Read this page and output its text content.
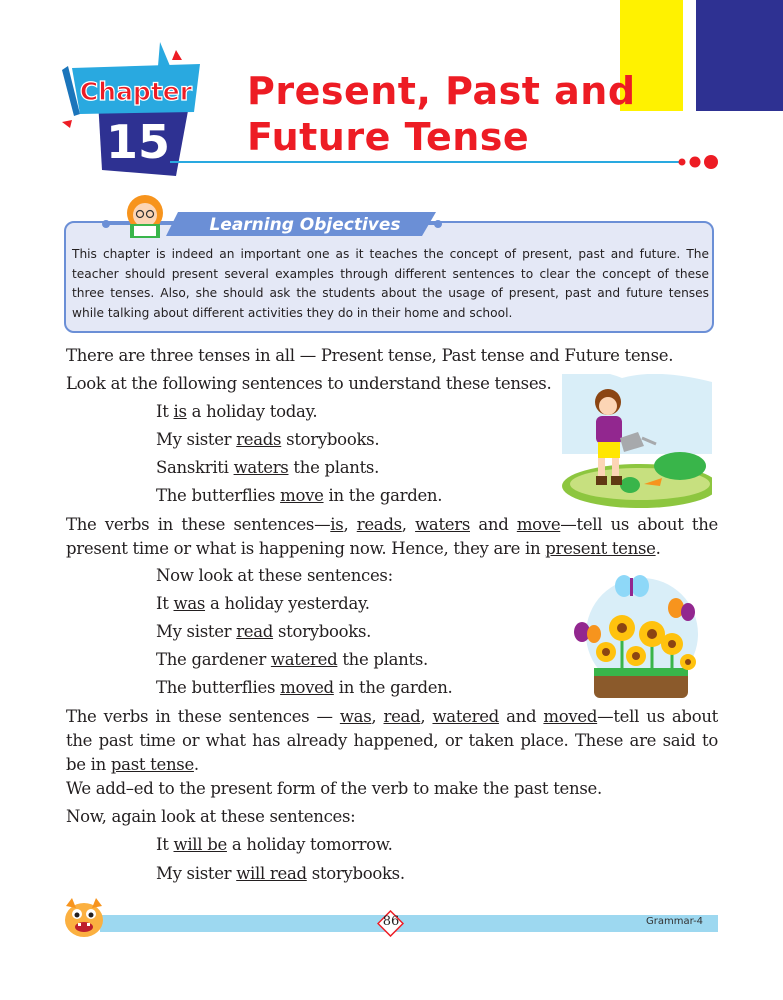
Chapter
15
Present, Past and
Future Tense
Learning Objectives
This chapter is indeed an important one as it teaches the concept of present, past and future. The teacher should present several examples through different sentences to clear the concept of these three tenses. Also, she should ask the students about the usage of present, past and future tenses while talking about different activities they do in their home and school.
There are three tenses in all — Present tense, Past tense and Future tense.
Look at the following sentences to understand these tenses.
It is a holiday today.
My sister reads storybooks.
Sanskriti waters the plants.
The butterflies move in the garden.
The verbs in these sentences—is, reads, waters and move—tell us about the present time or what is happening now. Hence, they are in present tense.
Now look at these sentences:
It was a holiday yesterday.
My sister read storybooks.
The gardener watered the plants.
The butterflies moved in the garden.
The verbs in these sentences — was, read, watered and moved—tell us about the past time or what has already happened, or taken place. These are said to be in past tense.
We add–ed to the present form of the verb to make the past tense.
Now, again look at these sentences:
It will be a holiday tomorrow.
My sister will read storybooks.
86	Grammar-4
